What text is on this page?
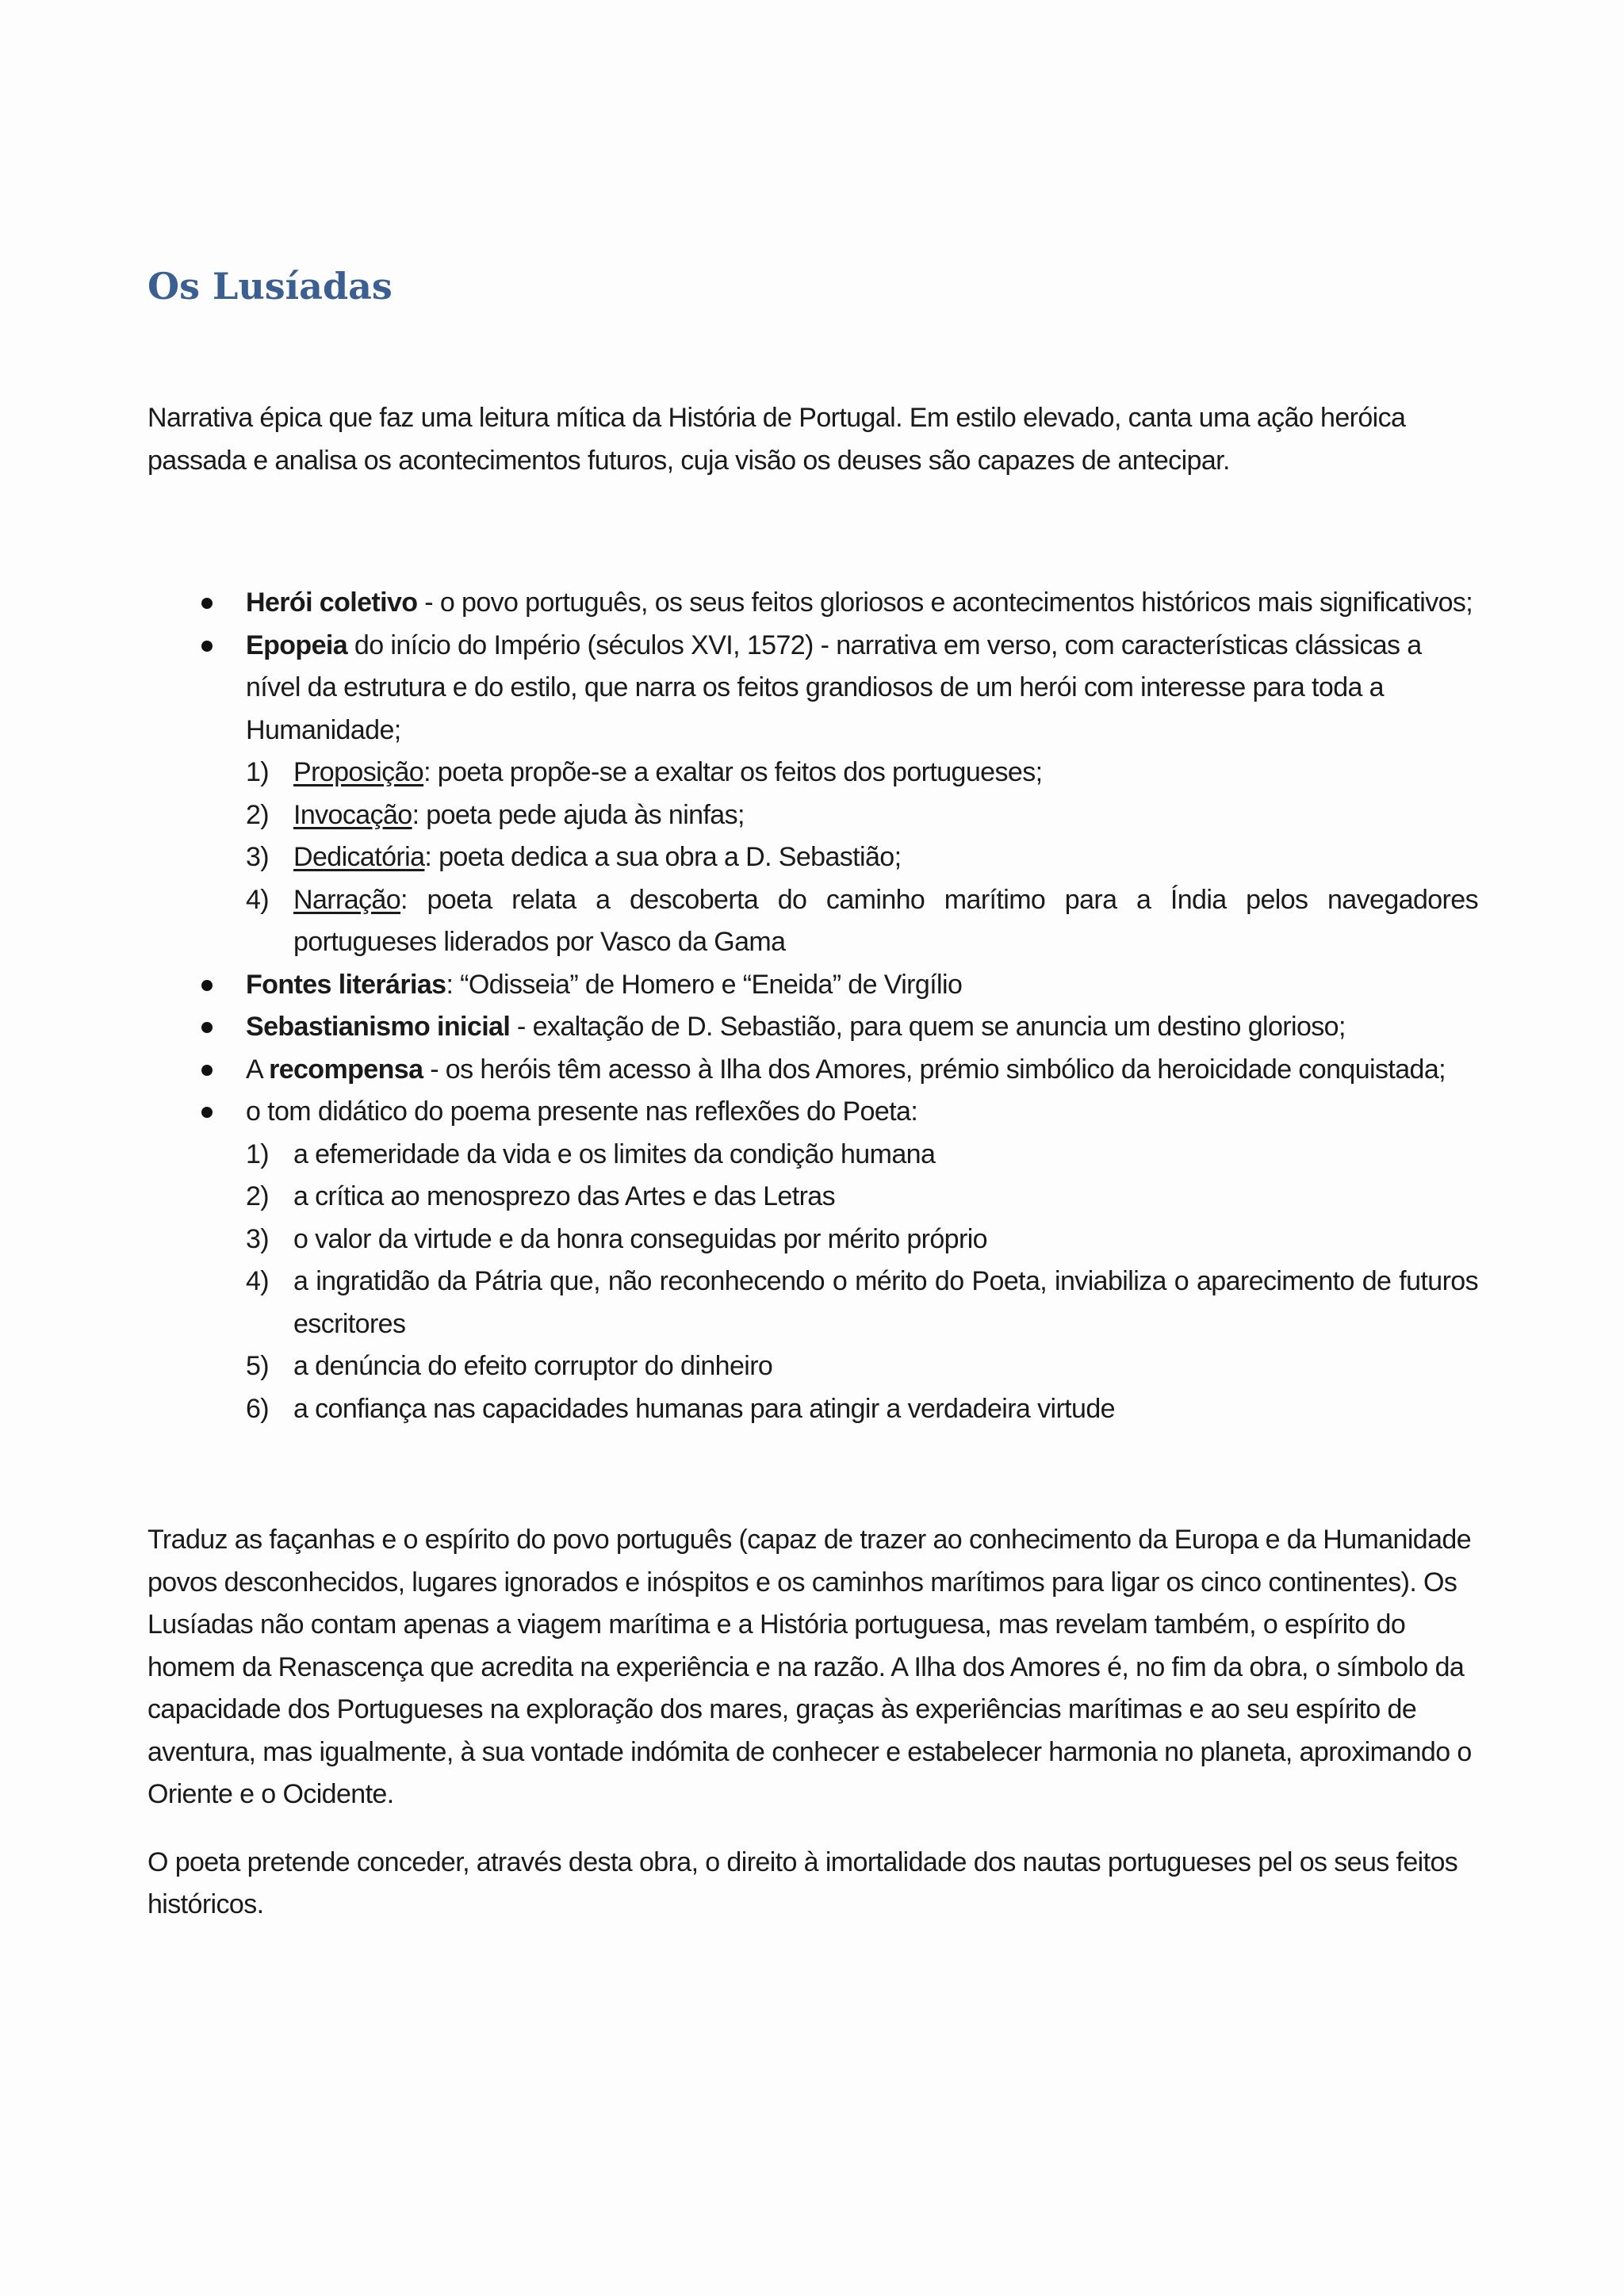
Os Lusíadas

Narrativa épica que faz uma leitura mítica da História de Portugal. Em estilo elevado, canta uma ação heróica passada e analisa os acontecimentos futuros, cuja visão os deuses são capazes de antecipar.

Herói coletivo - o povo português, os seus feitos gloriosos e acontecimentos históricos mais significativos;
Epopeia do início do Império (séculos XVI, 1572) - narrativa em verso, com características clássicas a nível da estrutura e do estilo, que narra os feitos grandiosos de um herói com interesse para toda a Humanidade;
1) Proposição: poeta propõe-se a exaltar os feitos dos portugueses;
2) Invocação: poeta pede ajuda às ninfas;
3) Dedicatória: poeta dedica a sua obra a D. Sebastião;
4) Narração: poeta relata a descoberta do caminho marítimo para a Índia pelos navegadores portugueses liderados por Vasco da Gama
Fontes literárias: “Odisseia” de Homero e “Eneida” de Virgílio
Sebastianismo inicial - exaltação de D. Sebastião, para quem se anuncia um destino glorioso;
A recompensa - os heróis têm acesso à Ilha dos Amores, prémio simbólico da heroicidade conquistada;
o tom didático do poema presente nas reflexões do Poeta:
1) a efemeridade da vida e os limites da condição humana
2) a crítica ao menosprezo das Artes e das Letras
3) o valor da virtude e da honra conseguidas por mérito próprio
4) a ingratidão da Pátria que, não reconhecendo o mérito do Poeta, inviabiliza o aparecimento de futuros escritores
5) a denúncia do efeito corruptor do dinheiro
6) a confiança nas capacidades humanas para atingir a verdadeira virtude

Traduz as façanhas e o espírito do povo português (capaz de trazer ao conhecimento da Europa e da Humanidade povos desconhecidos, lugares ignorados e inóspitos e os caminhos marítimos para ligar os cinco continentes). Os Lusíadas não contam apenas a viagem marítima e a História portuguesa, mas revelam também, o espírito do homem da Renascença que acredita na experiência e na razão. A Ilha dos Amores é, no fim da obra, o símbolo da capacidade dos Portugueses na exploração dos mares, graças às experiências marítimas e ao seu espírito de aventura, mas igualmente, à sua vontade indómita de conhecer e estabelecer harmonia no planeta, aproximando o Oriente e o Ocidente.

O poeta pretende conceder, através desta obra, o direito à imortalidade dos nautas portugueses pel os seus feitos históricos.
